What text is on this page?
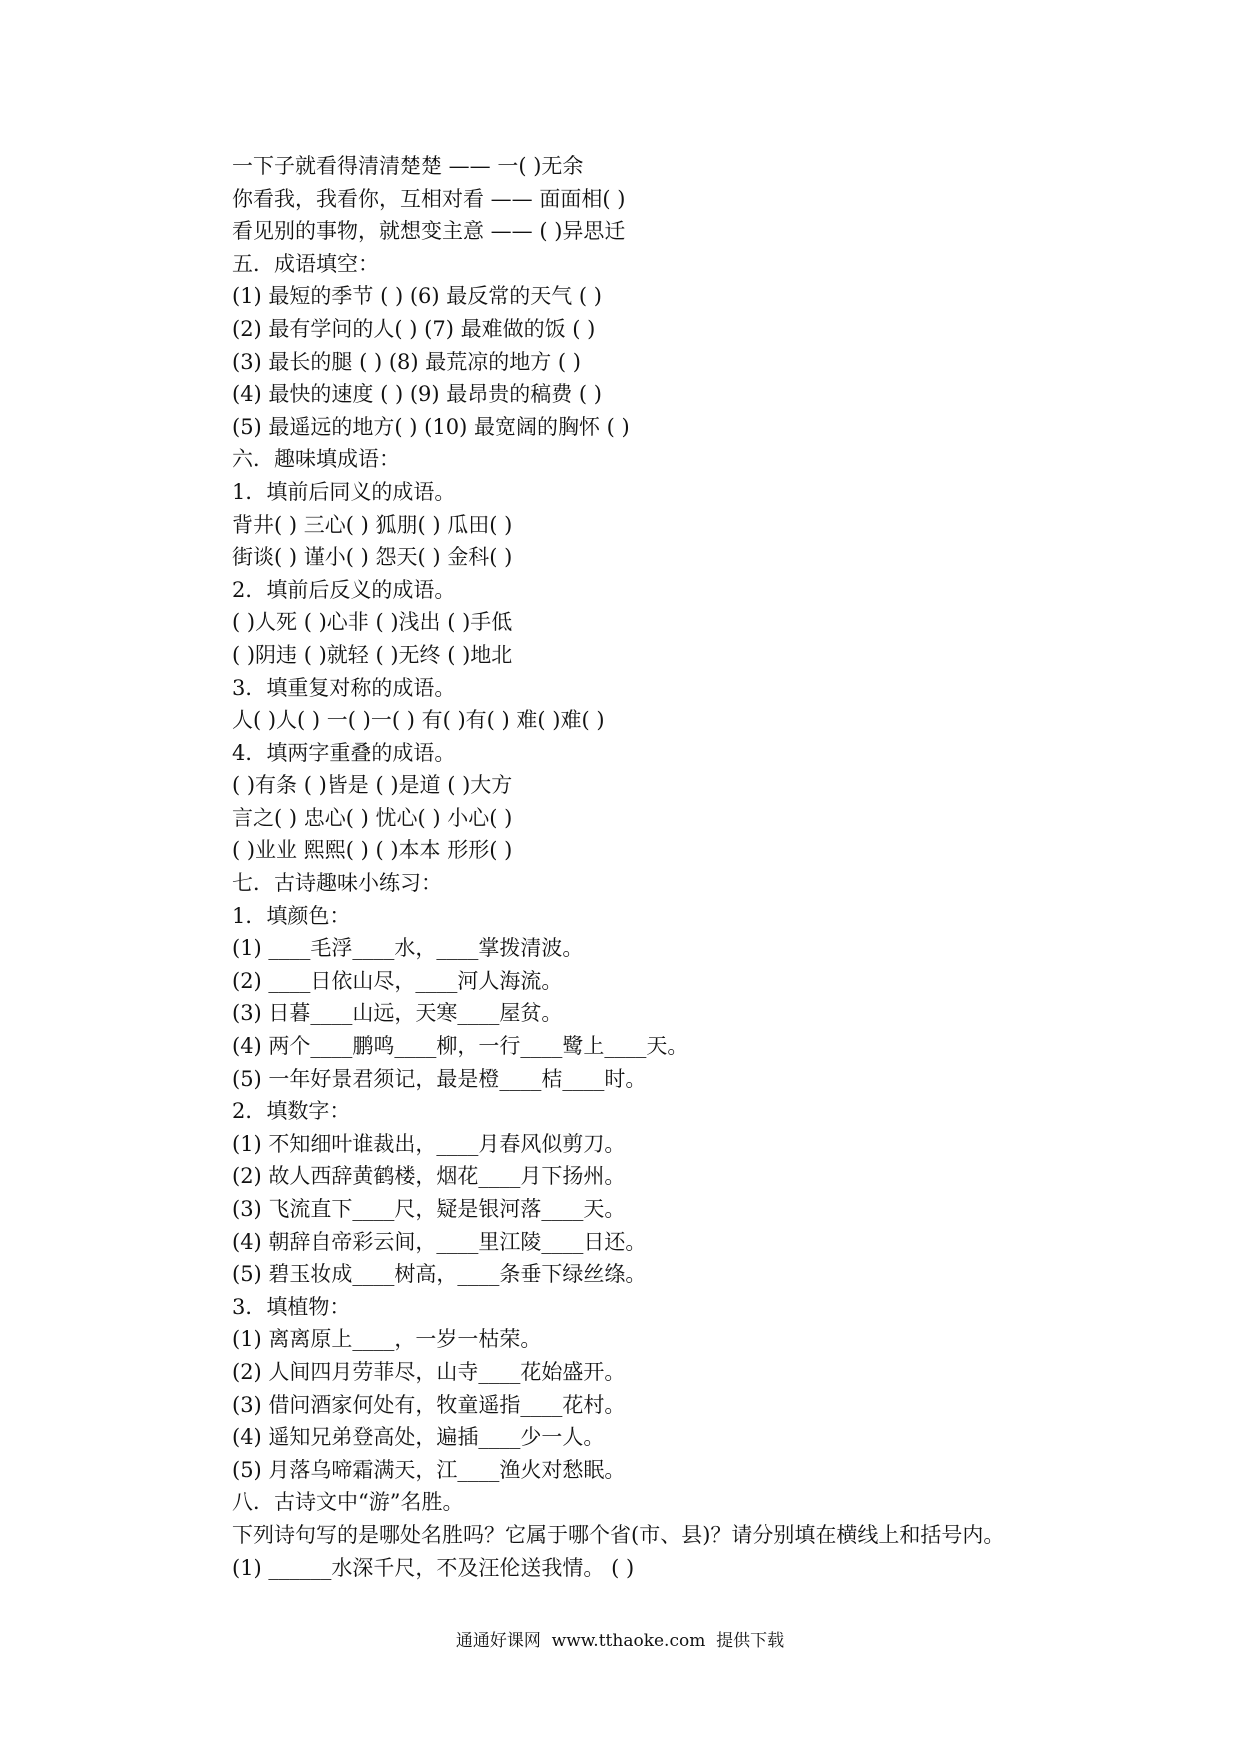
一下子就看得清清楚楚 —— 一( )无余
你看我，我看你，互相对看 —— 面面相( )
看见别的事物，就想变主意 —— ( )异思迁
五．成语填空：
(1) 最短的季节 ( ) (6) 最反常的天气 ( )
(2) 最有学问的人( ) (7) 最难做的饭 ( )
(3) 最长的腿 ( ) (8) 最荒凉的地方 ( )
(4) 最快的速度 ( ) (9) 最昂贵的稿费 ( )
(5) 最遥远的地方( ) (10) 最宽阔的胸怀 ( )
六．趣味填成语：
1．填前后同义的成语。
背井( ) 三心( ) 狐朋( ) 瓜田( )
街谈( ) 谨小( ) 怨天( ) 金科( )
2．填前后反义的成语。
( )人死 ( )心非 ( )浅出 ( )手低
( )阴违 ( )就轻 ( )无终 ( )地北
3．填重复对称的成语。
人( )人( ) 一( )一( ) 有( )有( ) 难( )难( )
4．填两字重叠的成语。
( )有条 ( )皆是 ( )是道 ( )大方
言之( ) 忠心( ) 忧心( ) 小心( )
( )业业 熙熙( ) ( )本本 形形( )
七．古诗趣味小练习：
1．填颜色：
(1) ____毛浮____水，____掌拨清波。
(2) ____日依山尽，____河人海流。
(3) 日暮____山远，天寒____屋贫。
(4) 两个____鹏鸣____柳，一行____鹭上____天。
(5) 一年好景君须记，最是橙____桔____时。
2．填数字：
(1) 不知细叶谁裁出，____月春风似剪刀。
(2) 故人西辞黄鹤楼，烟花____月下扬州。
(3) 飞流直下____尺，疑是银河落____天。
(4) 朝辞自帝彩云间，____里江陵____日还。
(5) 碧玉妆成____树高，____条垂下绿丝绦。
3．填植物：
(1) 离离原上____，一岁一枯荣。
(2) 人间四月劳菲尽，山寺____花始盛开。
(3) 借问酒家何处有，牧童遥指____花村。
(4) 遥知兄弟登高处，遍插____少一人。
(5) 月落乌啼霜满天，江____渔火对愁眠。
八．古诗文中“游”名胜。
下列诗句写的是哪处名胜吗？它属于哪个省(市、县)？请分别填在横线上和括号内。
(1) ______水深千尺，不及汪伦送我情。 ( )
通通好课网  www.tthaoke.com  提供下载
